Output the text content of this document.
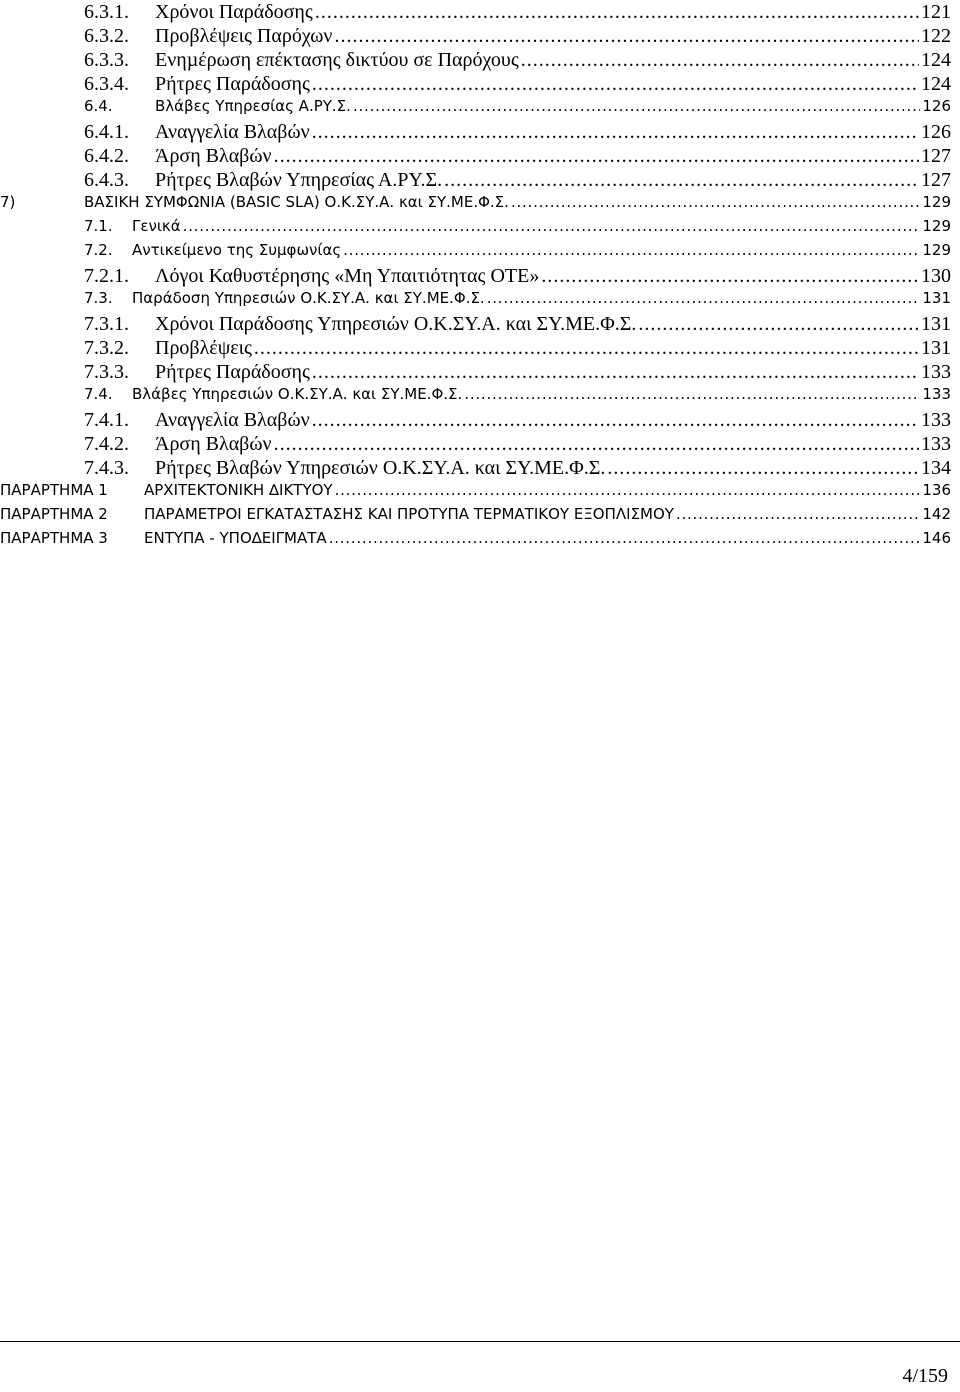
6.3.1.	Χρόνοι Παράδοσης . . .	121
6.3.2.	Προβλέψεις Παρόχων . . .	122
6.3.3.	Ενηµέρωση επέκτασης δικτύου σε Παρόχους . . .	124
6.3.4.	Ρήτρες Παράδοσης . . .	124
6.4.	Βλάβες Υπηρεσίας Α.ΡΥ.Σ. . . .	126
6.4.1.	Αναγγελία Βλαβών . . .	126
6.4.2.	Άρση Βλαβών . . .	127
6.4.3.	Ρήτρες Βλαβών Υπηρεσίας Α.ΡΥ.Σ. . . .	127
7)	ΒΑΣΙΚΗ ΣΥΜΦΩΝΙΑ (BASIC SLA) Ο.Κ.ΣΥ.Α. και ΣΥ.ΜΕ.Φ.Σ. . . .	129
7.1.	Γενικά . . .	129
7.2.	Αντικείµενο της Συµφωνίας . . .	129
7.2.1.	Λόγοι Καθυστέρησης «Μη Υπαιτιότητας ΟΤΕ» . . .	130
7.3.	Παράδοση Υπηρεσιών Ο.Κ.ΣΥ.Α. και ΣΥ.ΜΕ.Φ.Σ. . . .	131
7.3.1.	Χρόνοι Παράδοσης Υπηρεσιών Ο.Κ.ΣΥ.Α. και ΣΥ.ΜΕ.Φ.Σ. . . .	131
7.3.2.	Προβλέψεις . . .	131
7.3.3.	Ρήτρες Παράδοσης . . .	133
7.4.	Βλάβες Υπηρεσιών Ο.Κ.ΣΥ.Α. και ΣΥ.ΜΕ.Φ.Σ. . . .	133
7.4.1.	Αναγγελία Βλαβών . . .	133
7.4.2.	Άρση Βλαβών . . .	133
7.4.3.	Ρήτρες Βλαβών Υπηρεσιών Ο.Κ.ΣΥ.Α. και ΣΥ.ΜΕ.Φ.Σ. . . .	134
ΠΑΡΑΡΤΗΜΑ 1	ΑΡΧΙΤΕΚΤΟΝΙΚΗ ∆ΙΚΤΥΟΥ . . .	136
ΠΑΡΑΡΤΗΜΑ 2	ΠΑΡΑΜΕΤΡΟΙ ΕΓΚΑΤΑΣΤΑΣΗΣ ΚΑΙ ΠΡΟΤΥΠΑ ΤΕΡΜΑΤΙΚΟΥ ΕΞΟΠΛΙΣΜΟΥ . . .	142
ΠΑΡΑΡΤΗΜΑ 3	ΕΝΤΥΠΑ - ΥΠΟ∆ΕΙΓΜΑΤΑ . . .	146
4/159
